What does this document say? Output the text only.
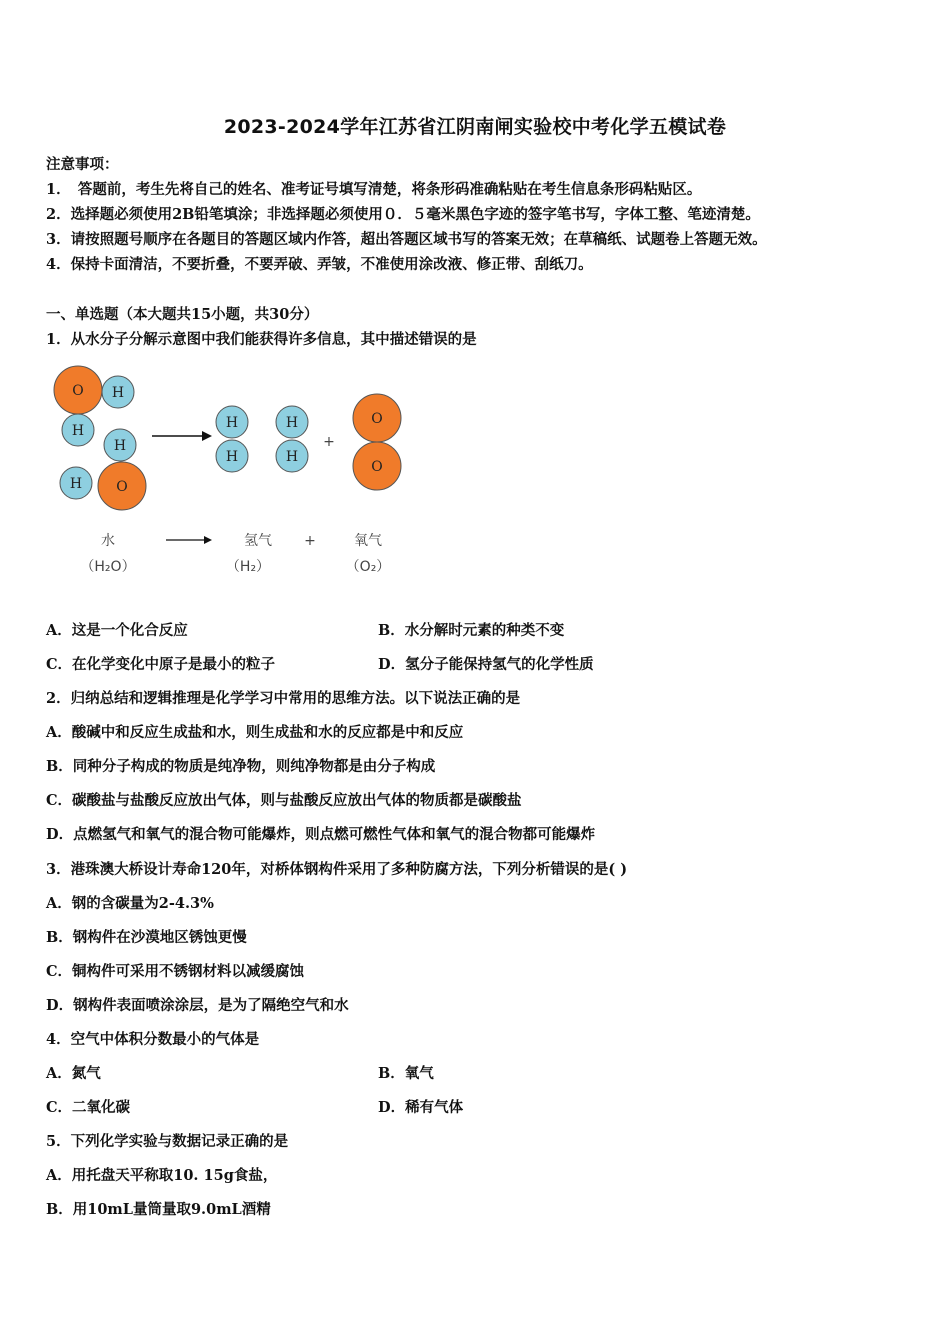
2023-2024学年江苏省江阴南闸实验校中考化学五模试卷
注意事项：
1．　答题前，考生先将自己的姓名、准考证号填写清楚，将条形码准确粘贴在考生信息条形码粘贴区。
2．选择题必须使用2B铅笔填涂；非选择题必须使用０．５毫米黑色字迹的签字笔书写，字体工整、笔迹清楚。
3．请按照题号顺序在各题目的答题区域内作答，超出答题区域书写的答案无效；在草稿纸、试题卷上答题无效。
4．保持卡面清洁，不要折叠，不要弄破、弄皱，不准使用涂改液、修正带、刮纸刀。
一、单选题（本大题共15小题，共30分）
1．从水分子分解示意图中我们能获得许多信息，其中描述错误的是
O H
H
H
O
H
H
H
H
H
+
O
O
水	氢气 +	氧气
（H₂O）	（H₂）	（O₂）
A．这是一个化合反应	B．水分解时元素的种类不变
C．在化学变化中原子是最小的粒子	D．氢分子能保持氢气的化学性质
2．归纳总结和逻辑推理是化学学习中常用的思维方法。以下说法正确的是
A．酸碱中和反应生成盐和水，则生成盐和水的反应都是中和反应
B．同种分子构成的物质是纯净物，则纯净物都是由分子构成
C．碳酸盐与盐酸反应放出气体，则与盐酸反应放出气体的物质都是碳酸盐
D．点燃氢气和氧气的混合物可能爆炸，则点燃可燃性气体和氧气的混合物都可能爆炸
3．港珠澳大桥设计寿命120年，对桥体钢构件采用了多种防腐方法，下列分析错误的是( )
A．钢的含碳量为2-4.3%
B．钢构件在沙漠地区锈蚀更慢
C．铜构件可采用不锈钢材料以减缓腐蚀
D．钢构件表面喷涂涂层，是为了隔绝空气和水
4．空气中体积分数最小的气体是
A．氮气	B．氧气
C．二氧化碳	D．稀有气体
5．下列化学实验与数据记录正确的是
A．用托盘天平称取10. 15g食盐，
B．用10mL量筒量取9.0mL酒精
